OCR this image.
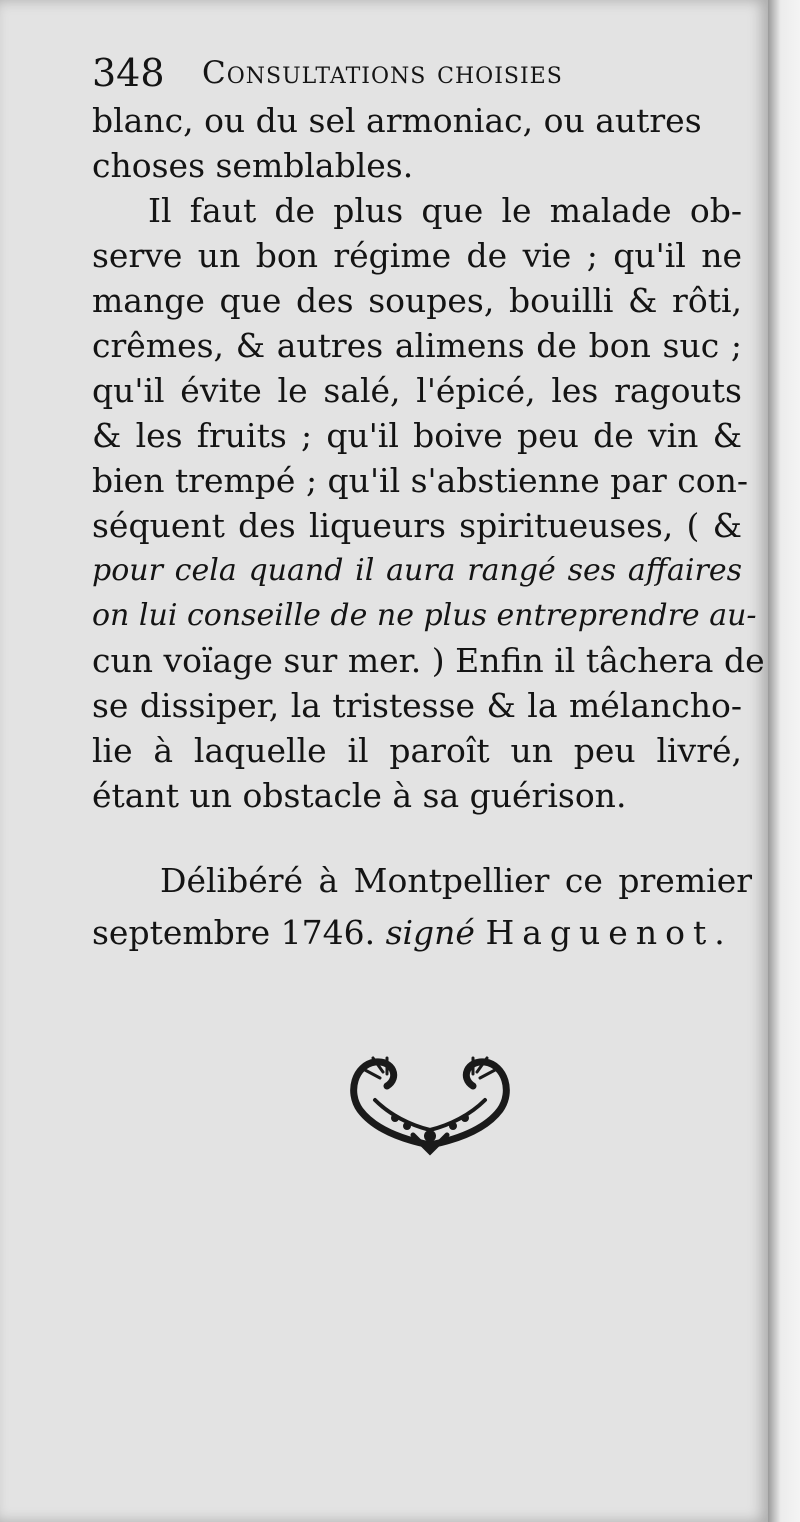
348 Consultations choisies
blanc, ou du sel armoniac, ou autres
choses semblables.
Il faut de plus que le malade ob-
serve un bon régime de vie ; qu'il ne
mange que des soupes, bouilli & rôti,
crêmes, & autres alimens de bon suc ;
qu'il évite le salé, l'épicé, les ragouts
& les fruits ; qu'il boive peu de vin &
bien trempé ; qu'il s'abstienne par con-
séquent des liqueurs spiritueuses, ( &
pour cela quand il aura rangé ses affaires
on lui conseille de ne plus entreprendre au-
cun voïage sur mer. ) Enfin il tâchera de
se dissiper, la tristesse & la mélancho-
lie à laquelle il paroît un peu livré,
étant un obstacle à sa guérison.
Délibéré à Montpellier ce premier
septembre 1746. signé Haguenot.
